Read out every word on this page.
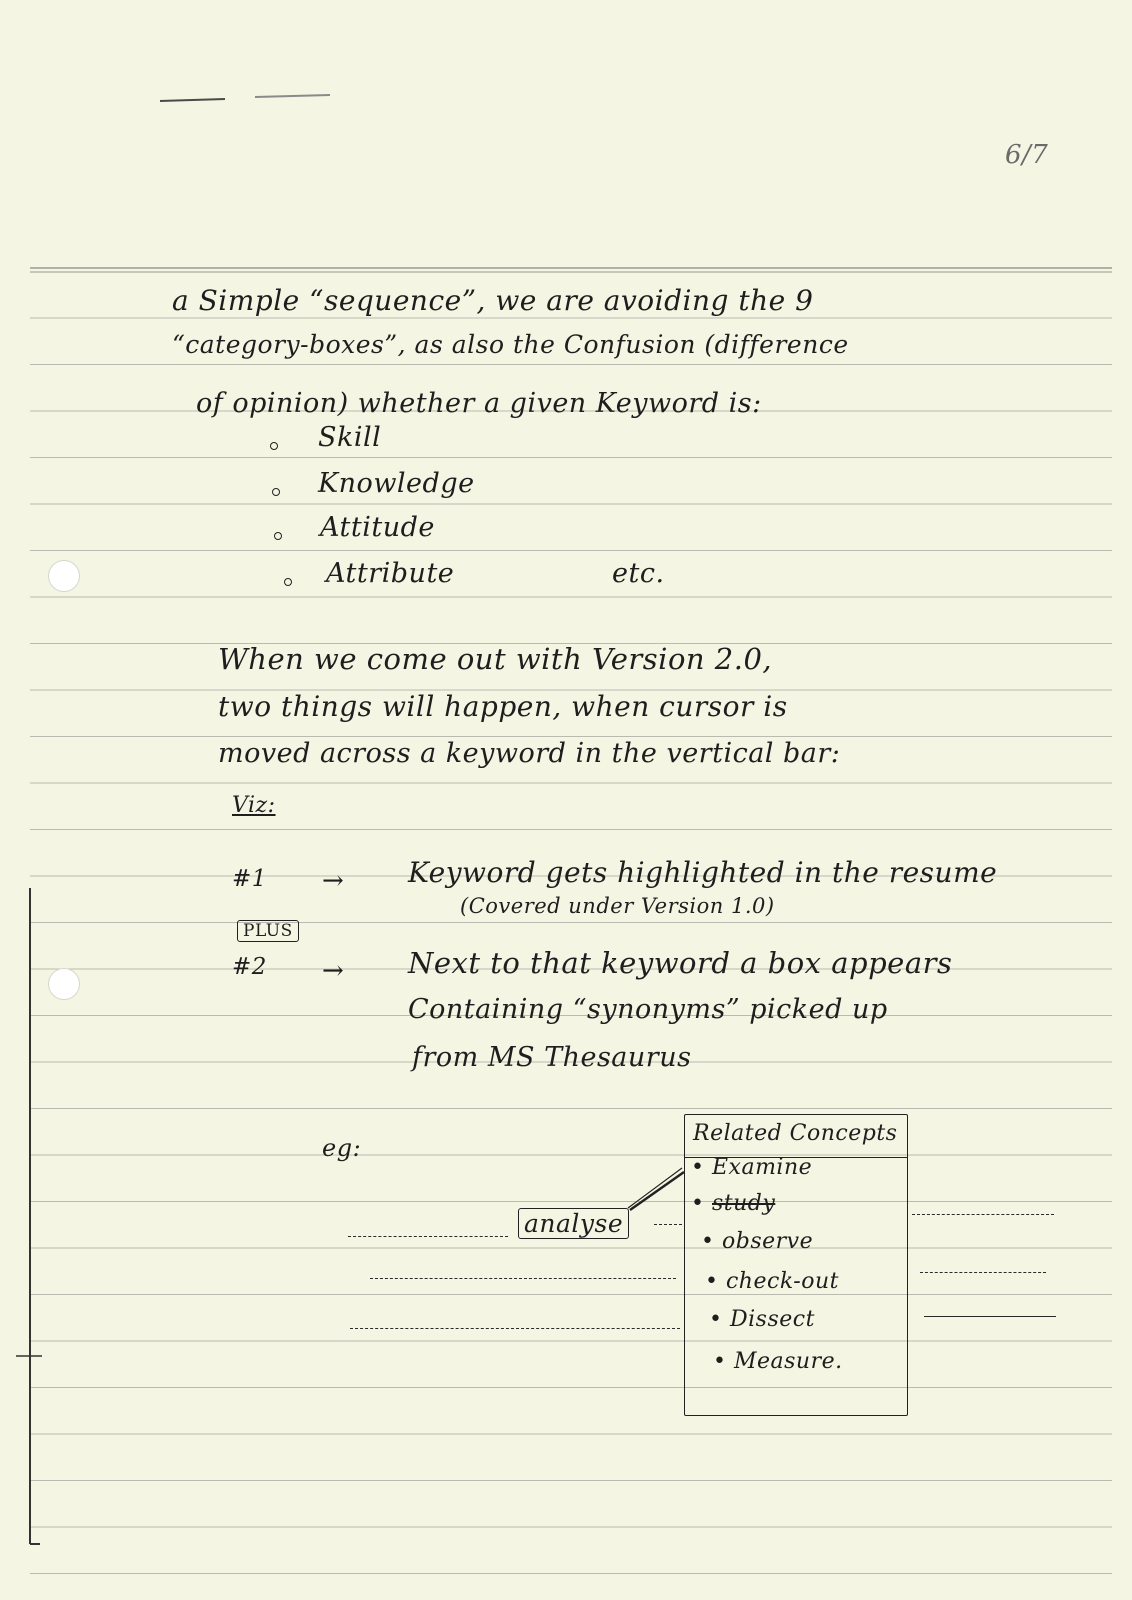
6/7
a Simple “sequence”, we are avoiding the 9
“category-boxes”, as also the Confusion (difference
of opinion) whether a given Keyword is:
Skill
Knowledge
Attitude
Attribute	etc.
When we come out with Version 2.0,
two things will happen, when cursor is
moved across a keyword in the vertical bar:
Viz:
#1 → Keyword gets highlighted in the resume
(Covered under Version 1.0)
PLUS
#2 → Next to that keyword a box appears
Containing “synonyms” picked up
from MS Thesaurus
eg:
analyse
Related Concepts
• Examine
• study
• observe
• check-out
• Dissect
• Measure.
